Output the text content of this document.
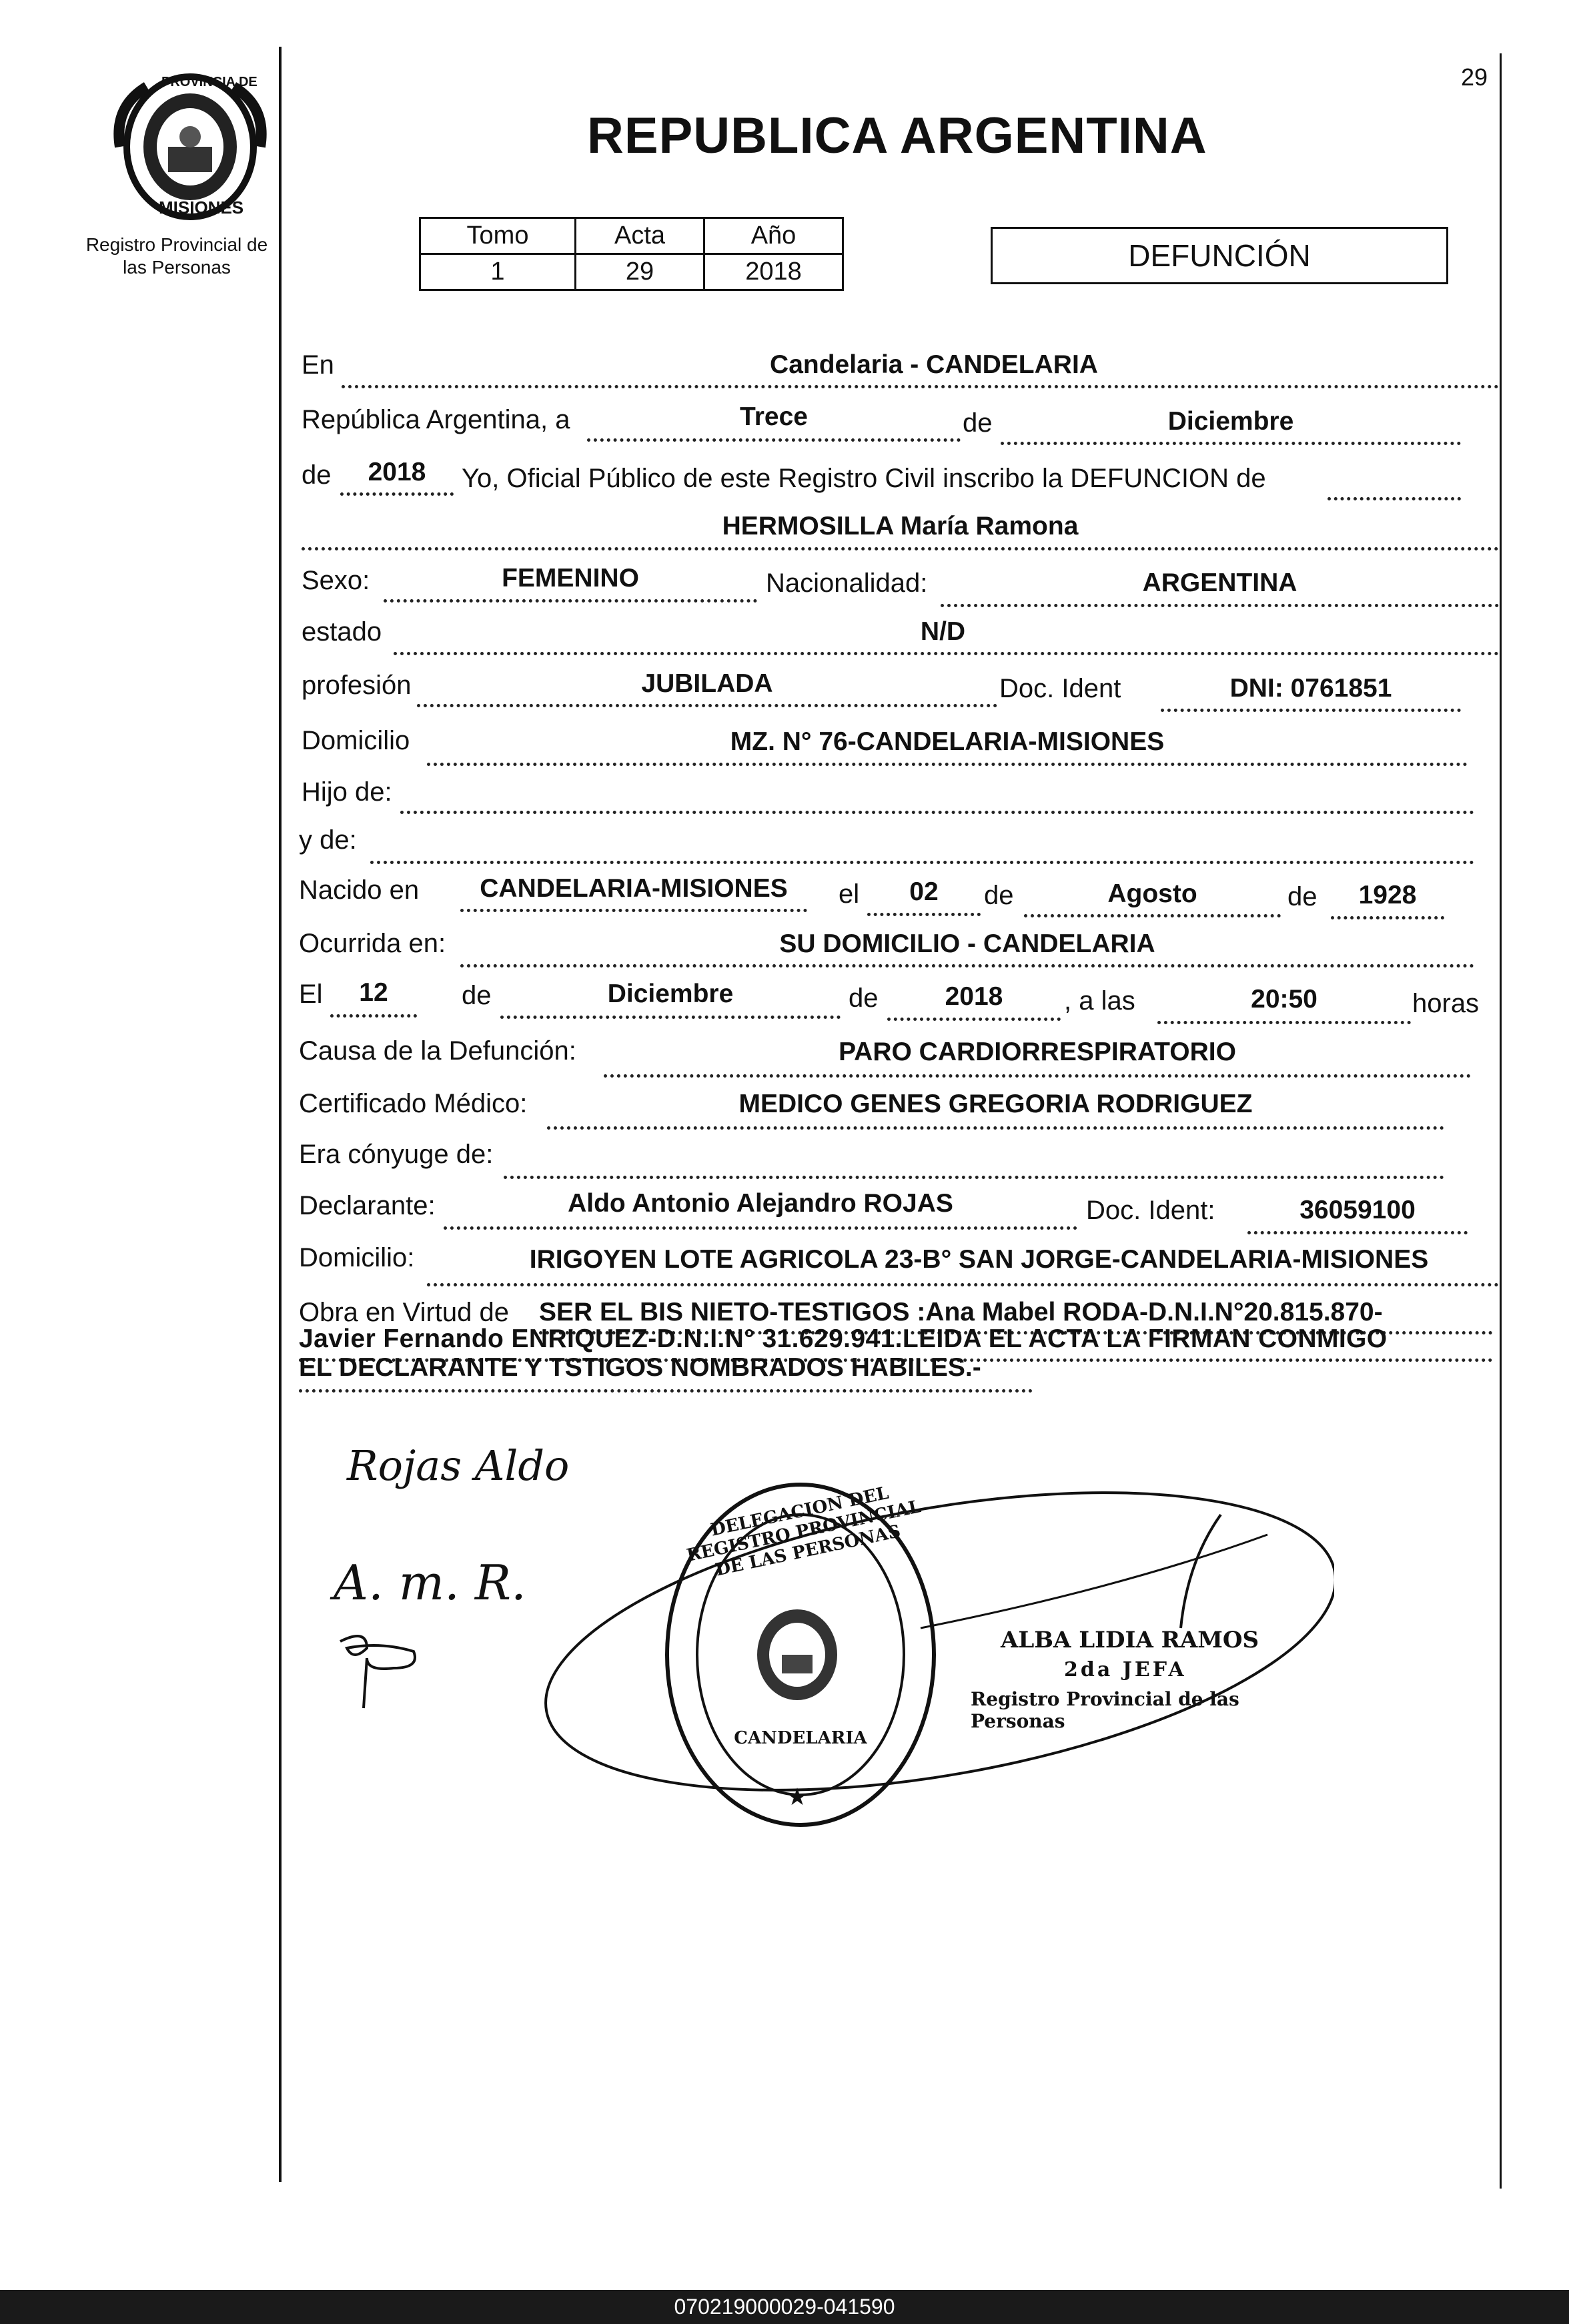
PROVINCIA DE
MISIONES
Registro Provincial de las Personas
29
REPUBLICA ARGENTINA
Tomo	Acta	Año
1	29	2018	DEFUNCIÓN
En	Candelaria - CANDELARIA
República Argentina, a	Trece	de	Diciembre
de	2018	Yo, Oficial Público de este Registro Civil inscribo la DEFUNCION de
HERMOSILLA María Ramona
Sexo:	FEMENINO	Nacionalidad:	ARGENTINA
estado	N/D
profesión	JUBILADA	Doc. Ident	DNI: 0761851
Domicilio	MZ. N° 76-CANDELARIA-MISIONES
Hijo de:
y de:
Nacido en	CANDELARIA-MISIONES	el	02	de	Agosto	de	1928
Ocurrida en:	SU DOMICILIO - CANDELARIA
El	12	de	Diciembre	de	2018	, a las	20:50	horas
Causa de la Defunción:	PARO CARDIORRESPIRATORIO
Certificado Médico:	MEDICO GENES GREGORIA RODRIGUEZ
Era cónyuge de:
Declarante:	Aldo Antonio Alejandro ROJAS	Doc. Ident:	36059100
Domicilio:	IRIGOYEN LOTE AGRICOLA 23-B° SAN JORGE-CANDELARIA-MISIONES
Obra en Virtud de SER EL BIS NIETO-TESTIGOS :Ana Mabel RODA-D.N.I.N°20.815.870-
Javier Fernando ENRIQUEZ-D.N.I.N° 31.629.941.LEIDA EL ACTA LA FIRMAN CONMIGO
EL DECLARANTE Y TSTIGOS NOMBRADOS HABILES.-
Rojas Aldo
A. m. R.
★
DELEGACION DEL REGISTRO PROVINCIAL DE LAS PERSONAS
CANDELARIA
ALBA LIDIA RAMOS
2da JEFA
Registro Provincial de las Personas
070219000029-041590
